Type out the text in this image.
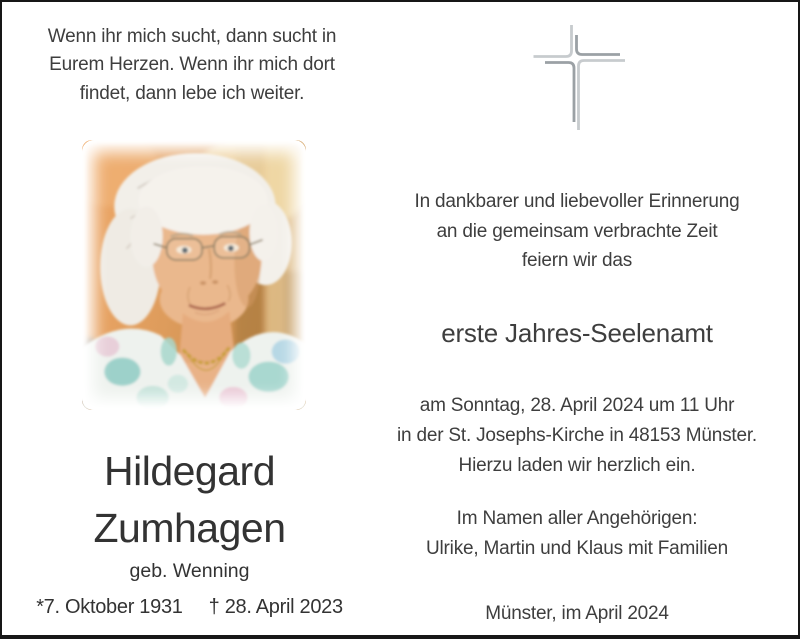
Wenn ihr mich sucht, dann sucht in
Eurem Herzen. Wenn ihr mich dort
findet, dann lebe ich weiter.
Hildegard
Zumhagen
geb. Wenning
*7. Oktober 1931 † 28. April 2023
In dankbarer und liebevoller Erinnerung
an die gemeinsam verbrachte Zeit
feiern wir das
erste Jahres-Seelenamt
am Sonntag, 28. April 2024 um 11 Uhr
in der St. Josephs-Kirche in 48153 Münster.
Hierzu laden wir herzlich ein.
Im Namen aller Angehörigen:
Ulrike, Martin und Klaus mit Familien
Münster, im April 2024
